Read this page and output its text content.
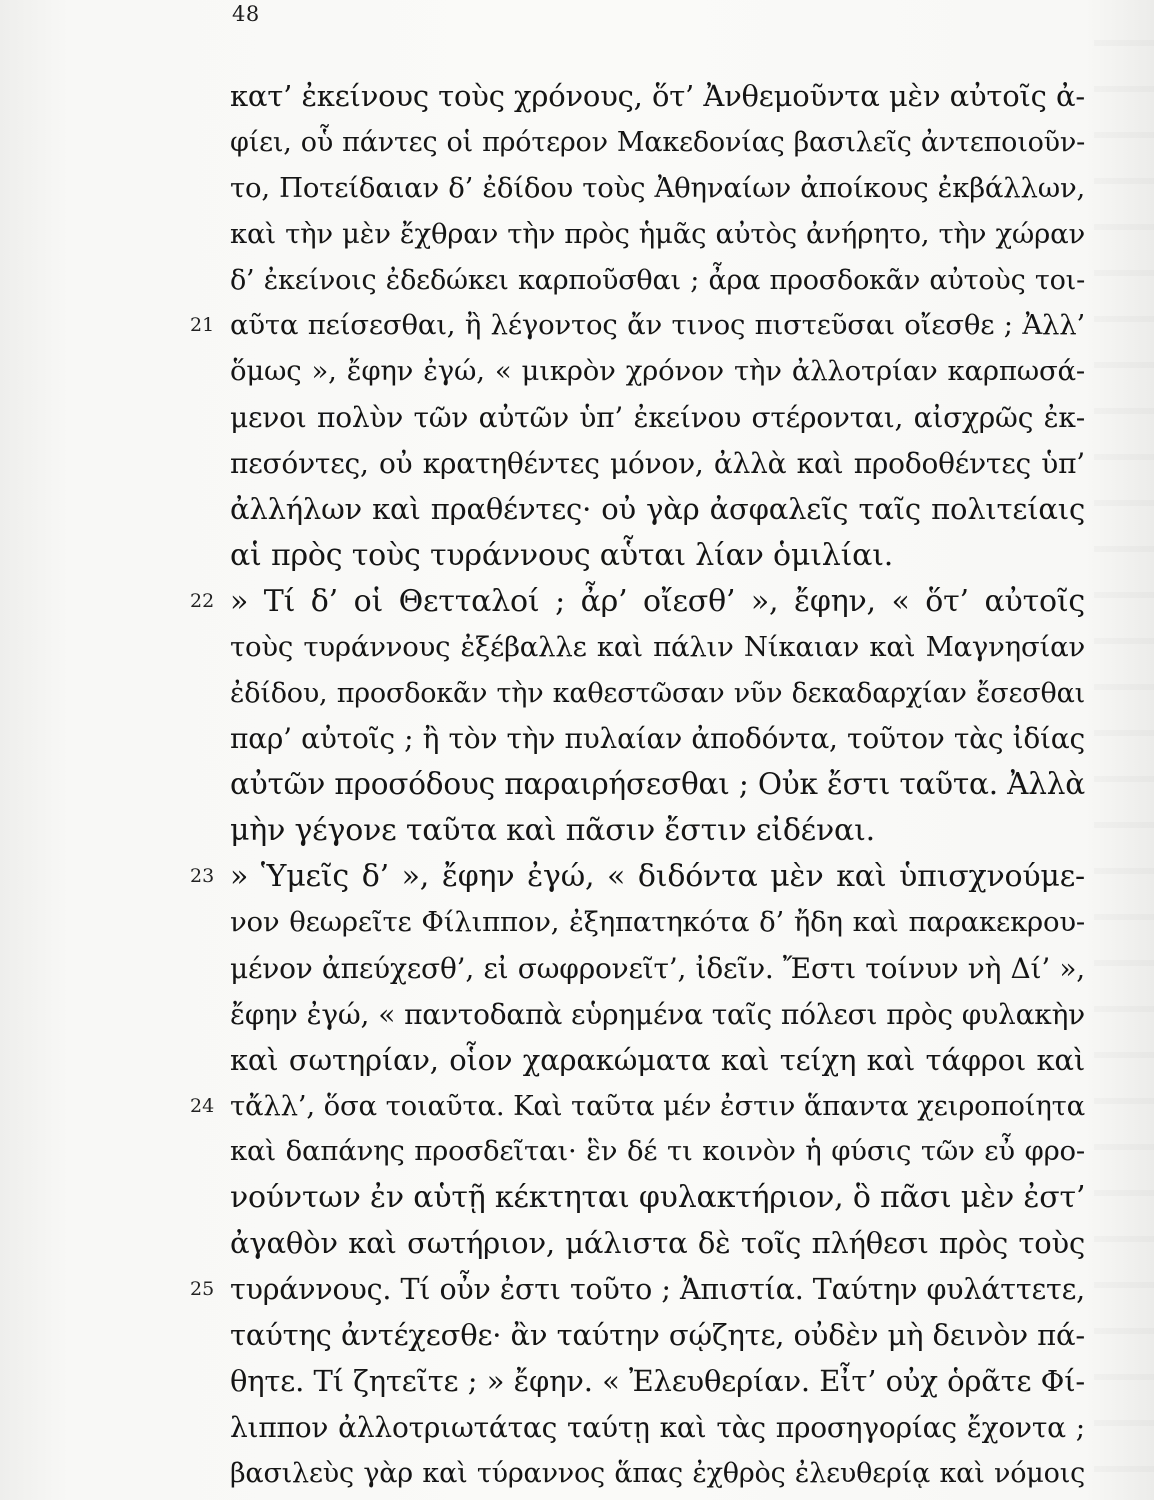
48
κατ’ ἐκείνους τοὺς χρόνους, ὅτ’ Ἀνθεμοῦντα μὲν αὐτοῖς ἀ-
φίει, οὗ πάντες οἱ πρότερον Μακεδονίας βασιλεῖς ἀντεποιοῦν-
το, Ποτείδαιαν δ’ ἐδίδου τοὺς Ἀθηναίων ἀποίκους ἐκβάλλων,
καὶ τὴν μὲν ἔχθραν τὴν πρὸς ἡμᾶς αὐτὸς ἀνήρητο, τὴν χώραν
δ’ ἐκείνοις ἐδεδώκει καρποῦσθαι ; ἆρα προσδοκᾶν αὐτοὺς τοι-
21 αῦτα πείσεσθαι, ἢ λέγοντος ἄν τινος πιστεῦσαι οἴεσθε ; Ἀλλ’
ὅμως », ἔφην ἐγώ, « μικρὸν χρόνον τὴν ἀλλοτρίαν καρπωσά-
μενοι πολὺν τῶν αὐτῶν ὑπ’ ἐκείνου στέρονται, αἰσχρῶς ἐκ-
πεσόντες, οὐ κρατηθέντες μόνον, ἀλλὰ καὶ προδοθέντες ὑπ’
ἀλλήλων καὶ πραθέντες· οὐ γὰρ ἀσφαλεῖς ταῖς πολιτείαις
αἱ πρὸς τοὺς τυράννους αὗται λίαν ὁμιλίαι.
22 » Τί δ’ οἱ Θετταλοί ; ἆρ’ οἴεσθ’ », ἔφην, « ὅτ’ αὐτοῖς
τοὺς τυράννους ἐξέβαλλε καὶ πάλιν Νίκαιαν καὶ Μαγνησίαν
ἐδίδου, προσδοκᾶν τὴν καθεστῶσαν νῦν δεκαδαρχίαν ἔσεσθαι
παρ’ αὐτοῖς ; ἢ τὸν τὴν πυλαίαν ἀποδόντα, τοῦτον τὰς ἰδίας
αὐτῶν προσόδους παραιρήσεσθαι ; Οὐκ ἔστι ταῦτα. Ἀλλὰ
μὴν γέγονε ταῦτα καὶ πᾶσιν ἔστιν εἰδέναι.
23 » Ὑμεῖς δ’ », ἔφην ἐγώ, « διδόντα μὲν καὶ ὑπισχνούμε-
νον θεωρεῖτε Φίλιππον, ἐξηπατηκότα δ’ ἤδη καὶ παρακεκρου-
μένον ἀπεύχεσθ’, εἰ σωφρονεῖτ’, ἰδεῖν. Ἔστι τοίνυν νὴ Δί’ »,
ἔφην ἐγώ, « παντοδαπὰ εὑρημένα ταῖς πόλεσι πρὸς φυλακὴν
καὶ σωτηρίαν, οἷον χαρακώματα καὶ τείχη καὶ τάφροι καὶ
24 τἄλλ’, ὅσα τοιαῦτα. Καὶ ταῦτα μέν ἐστιν ἅπαντα χειροποίητα
καὶ δαπάνης προσδεῖται· ἓν δέ τι κοινὸν ἡ φύσις τῶν εὖ φρο-
νούντων ἐν αὑτῇ κέκτηται φυλακτήριον, ὃ πᾶσι μὲν ἐστ’
ἀγαθὸν καὶ σωτήριον, μάλιστα δὲ τοῖς πλήθεσι πρὸς τοὺς
25 τυράννους. Τί οὖν ἐστι τοῦτο ; Ἀπιστία. Ταύτην φυλάττετε,
ταύτης ἀντέχεσθε· ἂν ταύτην σῴζητε, οὐδὲν μὴ δεινὸν πά-
θητε. Τί ζητεῖτε ; » ἔφην. « Ἐλευθερίαν. Εἶτ’ οὐχ ὁρᾶτε Φί-
λιππον ἀλλοτριωτάτας ταύτῃ καὶ τὰς προσηγορίας ἔχοντα ;
βασιλεὺς γὰρ καὶ τύραννος ἅπας ἐχθρὸς ἐλευθερίᾳ καὶ νόμοις
